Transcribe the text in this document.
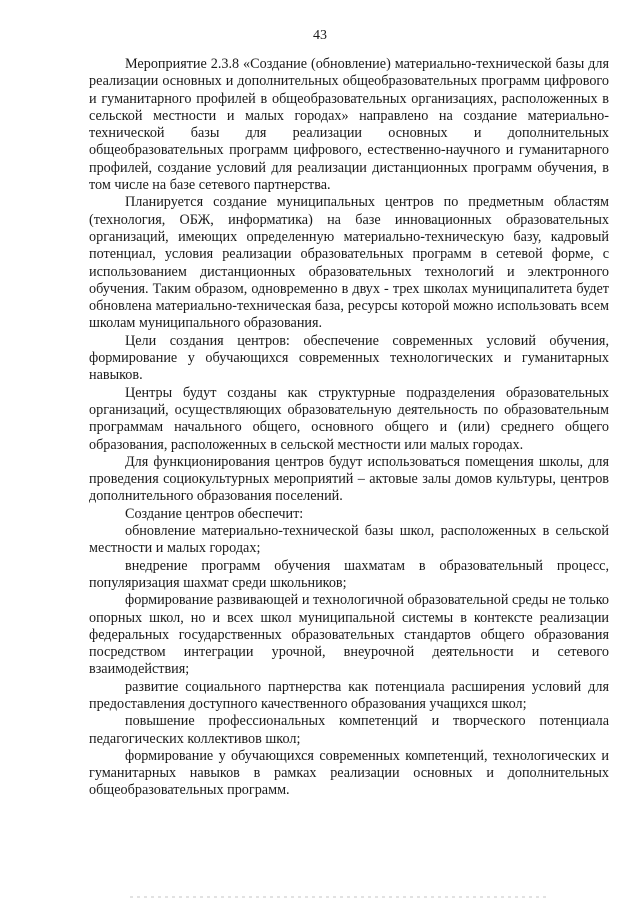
43

Мероприятие 2.3.8 «Создание (обновление) материально-технической базы для реализации основных и дополнительных общеобразовательных программ цифрового и гуманитарного профилей в общеобразовательных организациях, расположенных в сельской местности и малых городах» направлено на создание материально-технической базы для реализации основных и дополнительных общеобразовательных программ цифрового, естественно-научного и гуманитарного профилей, создание условий для реализации дистанционных программ обучения, в том числе на базе сетевого партнерства.

Планируется создание муниципальных центров по предметным областям (технология, ОБЖ, информатика) на базе инновационных образовательных организаций, имеющих определенную материально-техническую базу, кадровый потенциал, условия реализации образовательных программ в сетевой форме, с использованием дистанционных образовательных технологий и электронного обучения. Таким образом, одновременно в двух - трех школах муниципалитета будет обновлена материально-техническая база, ресурсы которой можно использовать всем школам муниципального образования.

Цели создания центров: обеспечение современных условий обучения, формирование у обучающихся современных технологических и гуманитарных навыков.

Центры будут созданы как структурные подразделения образовательных организаций, осуществляющих образовательную деятельность по образовательным программам начального общего, основного общего и (или) среднего общего образования, расположенных в сельской местности или малых городах.

Для функционирования центров будут использоваться помещения школы, для проведения социокультурных мероприятий – актовые залы домов культуры, центров дополнительного образования поселений.

Создание центров обеспечит:

обновление материально-технической базы школ, расположенных в сельской местности и малых городах;

внедрение программ обучения шахматам в образовательный процесс, популяризация шахмат среди школьников;

формирование развивающей и технологичной образовательной среды не только опорных школ, но и всех школ муниципальной системы в контексте реализации федеральных государственных образовательных стандартов общего образования посредством интеграции урочной, внеурочной деятельности и сетевого взаимодействия;

развитие социального партнерства как потенциала расширения условий для предоставления доступного качественного образования учащихся школ;

повышение профессиональных компетенций и творческого потенциала педагогических коллективов школ;

формирование у обучающихся современных компетенций, технологических и гуманитарных навыков в рамках реализации основных и дополнительных общеобразовательных программ.
